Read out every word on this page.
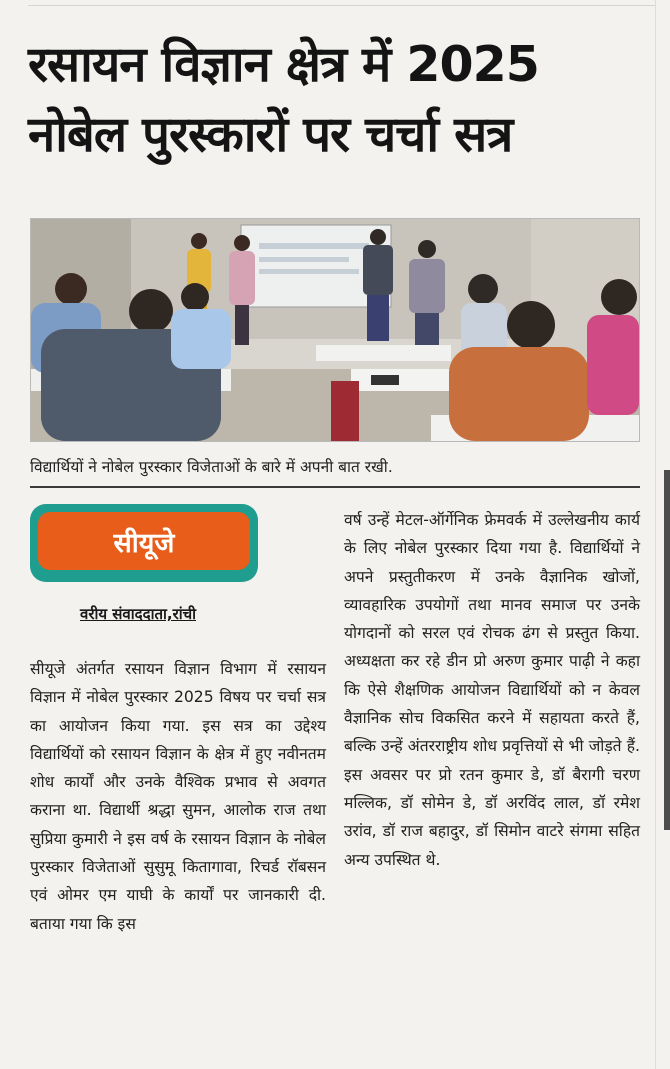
रसायन विज्ञान क्षेत्र में 2025
नोबेल पुरस्कारों पर चर्चा सत्र
विद्यार्थियों ने नोबेल पुरस्कार विजेताओं के बारे में अपनी बात रखी.
सीयूजे
वरीय संवाददाता,रांची

सीयूजे अंतर्गत रसायन विज्ञान विभाग में रसायन विज्ञान में नोबेल पुरस्कार 2025 विषय पर चर्चा सत्र का आयोजन किया गया. इस सत्र का उद्देश्य विद्यार्थियों को रसायन विज्ञान के क्षेत्र में हुए नवीनतम शोध कार्यों और उनके वैश्विक प्रभाव से अवगत कराना था. विद्यार्थी श्रद्धा सुमन, आलोक राज तथा सुप्रिया कुमारी ने इस वर्ष के रसायन विज्ञान के नोबेल पुरस्कार विजेताओं सुसुमू कितागावा, रिचर्ड रॉबसन एवं ओमर एम याघी के कार्यों पर जानकारी दी. बताया गया कि इस

वर्ष उन्हें मेटल-ऑर्गेनिक फ्रेमवर्क में उल्लेखनीय कार्य के लिए नोबेल पुरस्कार दिया गया है. विद्यार्थियों ने अपने प्रस्तुतीकरण में उनके वैज्ञानिक खोजों, व्यावहारिक उपयोगों तथा मानव समाज पर उनके योगदानों को सरल एवं रोचक ढंग से प्रस्तुत किया. अध्यक्षता कर रहे डीन प्रो अरुण कुमार पाढ़ी ने कहा कि ऐसे शैक्षणिक आयोजन विद्यार्थियों को न केवल वैज्ञानिक सोच विकसित करने में सहायता करते हैं, बल्कि उन्हें अंतरराष्ट्रीय शोध प्रवृत्तियों से भी जोड़ते हैं. इस अवसर पर प्रो रतन कुमार डे, डॉ बैरागी चरण मल्लिक, डॉ सोमेन डे, डॉ अरविंद लाल, डॉ रमेश उरांव, डॉ राज बहादुर, डॉ सिमोन वाटरे संगमा सहित अन्य उपस्थित थे.
